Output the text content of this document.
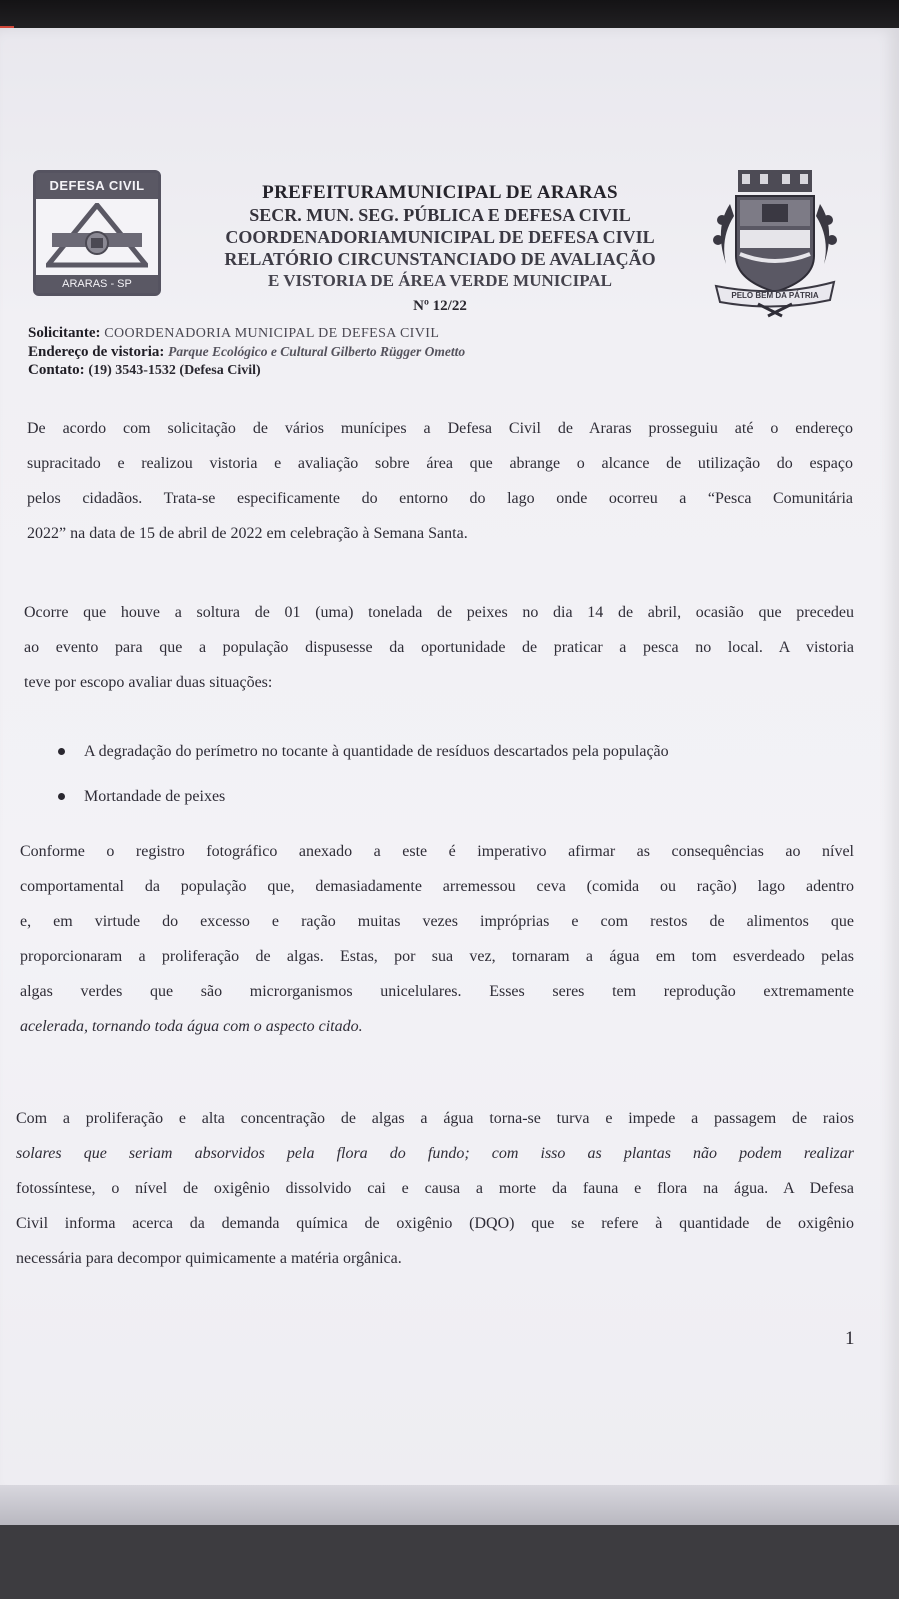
DEFESA CIVIL
ARARAS - SP
PELO BEM DA PÁTRIA
PREFEITURAMUNICIPAL DE ARARAS
SECR. MUN. SEG. PÚBLICA E DEFESA CIVIL
COORDENADORIAMUNICIPAL DE DEFESA CIVIL
RELATÓRIO CIRCUNSTANCIADO DE AVALIAÇÃO
E VISTORIA DE ÁREA VERDE MUNICIPAL
Nº 12/22
Solicitante: COORDENADORIA MUNICIPAL DE DEFESA CIVIL
Endereço de vistoria: Parque Ecológico e Cultural Gilberto Rügger Ometto
Contato: (19) 3543-1532 (Defesa Civil)
De acordo com solicitação de vários munícipes a Defesa Civil de Araras prosseguiu até o endereço
supracitado e realizou vistoria e avaliação sobre área que abrange o alcance de utilização do espaço
pelos cidadãos. Trata-se especificamente do entorno do lago onde ocorreu a “Pesca Comunitária
2022” na data de 15 de abril de 2022 em celebração à Semana Santa.
Ocorre que houve a soltura de 01 (uma) tonelada de peixes no dia 14 de abril, ocasião que precedeu
ao evento para que a população dispusesse da oportunidade de praticar a pesca no local. A vistoria
teve por escopo avaliar duas situações:
A degradação do perímetro no tocante à quantidade de resíduos descartados pela população
Mortandade de peixes
Conforme o registro fotográfico anexado a este é imperativo afirmar as consequências ao nível
comportamental da população que, demasiadamente arremessou ceva (comida ou ração) lago adentro
e, em virtude do excesso e ração muitas vezes impróprias e com restos de alimentos que
proporcionaram a proliferação de algas. Estas, por sua vez, tornaram a água em tom esverdeado pelas
algas verdes que são microrganismos unicelulares. Esses seres tem reprodução extremamente
acelerada, tornando toda água com o aspecto citado.
Com a proliferação e alta concentração de algas a água torna-se turva e impede a passagem de raios
solares que seriam absorvidos pela flora do fundo; com isso as plantas não podem realizar
fotossíntese, o nível de oxigênio dissolvido cai e causa a morte da fauna e flora na água. A Defesa
Civil informa acerca da demanda química de oxigênio (DQO) que se refere à quantidade de oxigênio
necessária para decompor quimicamente a matéria orgânica.
1
